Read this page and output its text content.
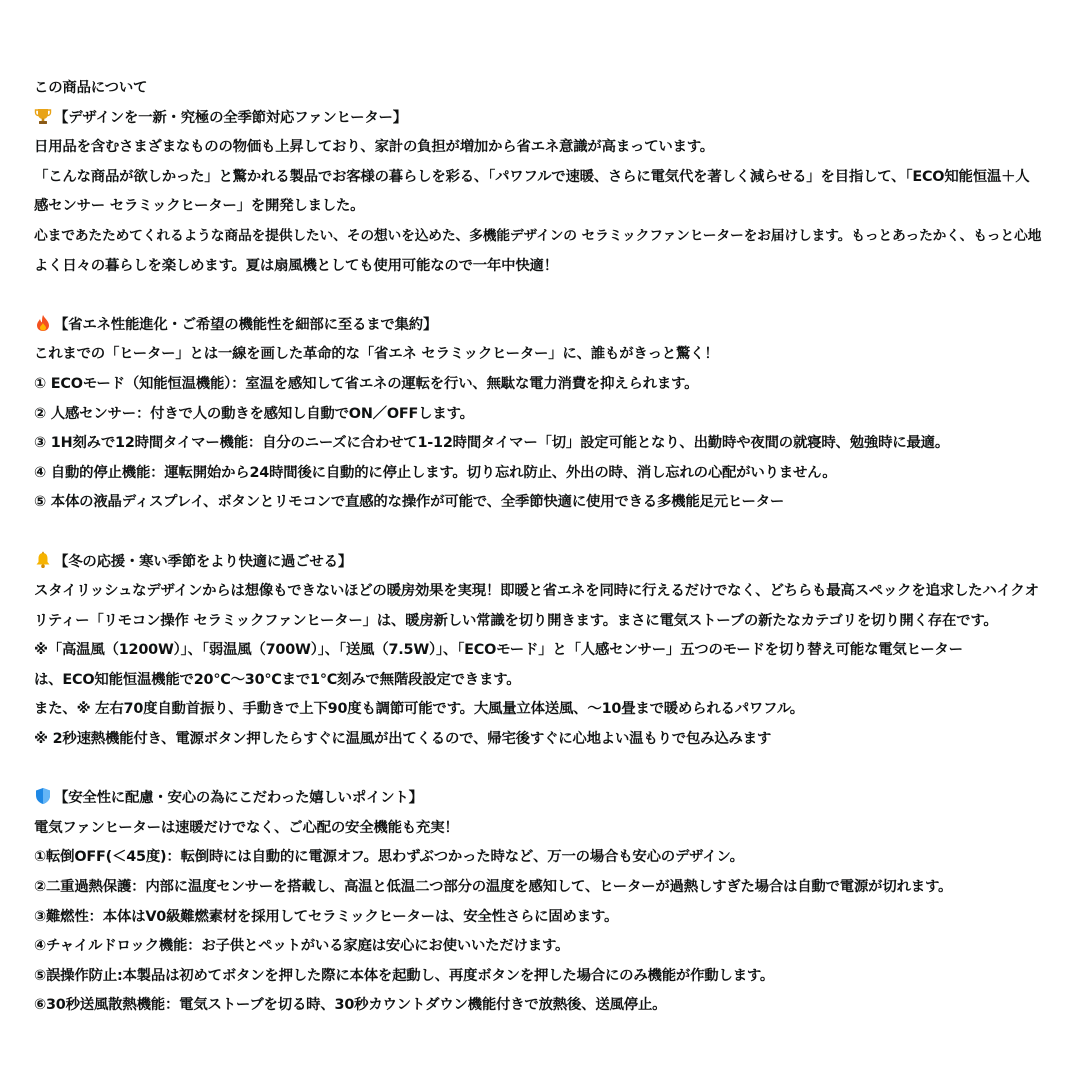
この商品について
【デザインを一新・究極の全季節対応ファンヒーター】
日用品を含むさまざまなものの物価も上昇しており、家計の負担が増加から省エネ意識が高まっています。
「こんな商品が欲しかった」と驚かれる製品でお客様の暮らしを彩る、「パワフルで速暖、さらに電気代を著しく減らせる」を目指して、「ECO知能恒温＋人
感センサー セラミックヒーター」を開発しました。
心まであたためてくれるような商品を提供したい、その想いを込めた、多機能デザインの セラミックファンヒーターをお届けします。もっとあったかく、もっと心地
よく日々の暮らしを楽しめます。夏は扇風機としても使用可能なので一年中快適！
【省エネ性能進化・ご希望の機能性を細部に至るまで集約】
これまでの「ヒーター」とは一線を画した革命的な「省エネ セラミックヒーター」に、誰もがきっと驚く！
① ECOモード（知能恒温機能）：室温を感知して省エネの運転を行い、無駄な電力消費を抑えられます。
② 人感センサー：付きで人の動きを感知し自動でON／OFFします。
③ 1H刻みで12時間タイマー機能：自分のニーズに合わせて1-12時間タイマー「切」設定可能となり、出勤時や夜間の就寝時、勉強時に最適。
④ 自動的停止機能：運転開始から24時間後に自動的に停止します。切り忘れ防止、外出の時、消し忘れの心配がいりません。
⑤ 本体の液晶ディスプレイ、ボタンとリモコンで直感的な操作が可能で、全季節快適に使用できる多機能足元ヒーター
【冬の応援・寒い季節をより快適に過ごせる】
スタイリッシュなデザインからは想像もできないほどの暖房効果を実現！即暖と省エネを同時に行えるだけでなく、どちらも最高スペックを追求したハイクオ
リティー「リモコン操作 セラミックファンヒーター」は、暖房新しい常識を切り開きます。まさに電気ストーブの新たなカテゴリを切り開く存在です。
※「高温風（1200W）」、「弱温風（700W）」、「送風（7.5W）」、「ECOモード」と「人感センサー」五つのモードを切り替え可能な電気ヒーター
は、ECO知能恒温機能で20℃～30℃まで1℃刻みで無階段設定できます。
また、※ 左右70度自動首振り、手動きで上下90度も調節可能です。大風量立体送風、～10畳まで暖められるパワフル。
※ 2秒速熱機能付き、電源ボタン押したらすぐに温風が出てくるので、帰宅後すぐに心地よい温もりで包み込みます
【安全性に配慮・安心の為にこだわった嬉しいポイント】
電気ファンヒーターは速暖だけでなく、ご心配の安全機能も充実！
①転倒OFF(＜45度)：転倒時には自動的に電源オフ。思わずぶつかった時など、万一の場合も安心のデザイン。
②二重過熱保護：内部に温度センサーを搭載し、高温と低温二つ部分の温度を感知して、ヒーターが過熱しすぎた場合は自動で電源が切れます。
③難燃性：本体はV0級難燃素材を採用してセラミックヒーターは、安全性さらに固めます。
④チャイルドロック機能：お子供とペットがいる家庭は安心にお使いいただけます。
⑤誤操作防止:本製品は初めてボタンを押した際に本体を起動し、再度ボタンを押した場合にのみ機能が作動します。
⑥30秒送風散熱機能：電気ストーブを切る時、30秒カウントダウン機能付きで放熱後、送風停止。
